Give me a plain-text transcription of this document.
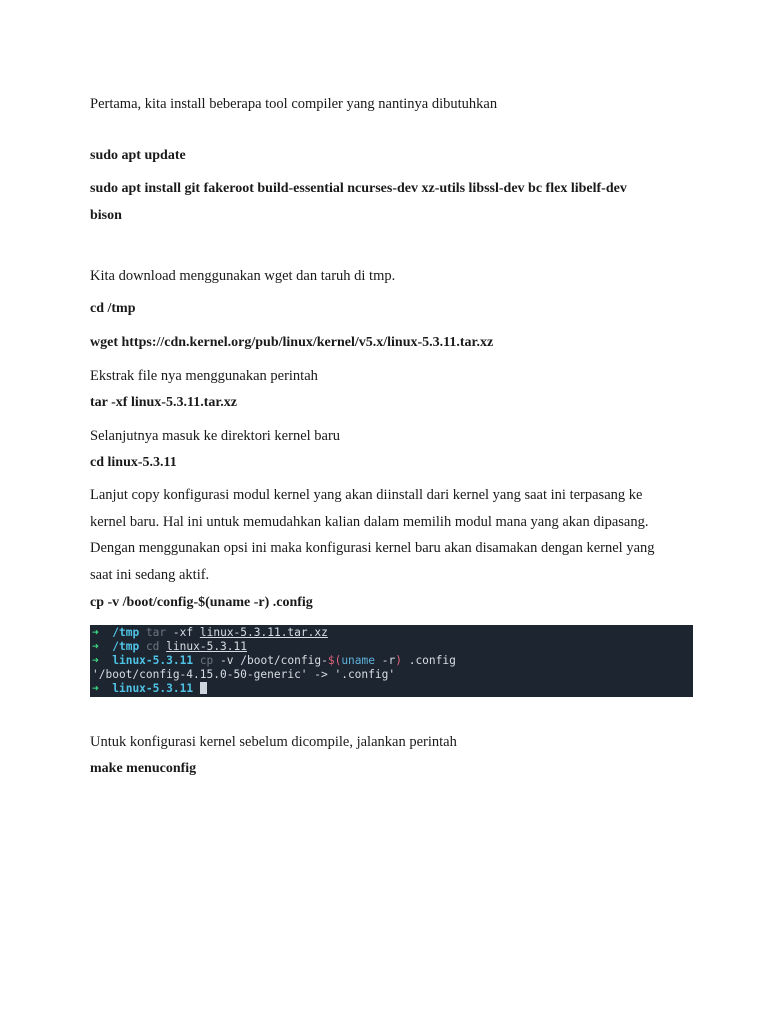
Pertama, kita install beberapa tool compiler yang nantinya dibutuhkan
sudo apt update
sudo apt install git fakeroot build-essential ncurses-dev xz-utils libssl-dev bc flex libelf-dev
bison
Kita download menggunakan wget dan taruh di tmp.
cd /tmp
wget https://cdn.kernel.org/pub/linux/kernel/v5.x/linux-5.3.11.tar.xz
Ekstrak file nya menggunakan perintah
tar -xf linux-5.3.11.tar.xz
Selanjutnya masuk ke direktori kernel baru
cd linux-5.3.11
Lanjut copy konfigurasi modul kernel yang akan diinstall dari kernel yang saat ini terpasang ke
kernel baru. Hal ini untuk memudahkan kalian dalam memilih modul mana yang akan dipasang.
Dengan menggunakan opsi ini maka konfigurasi kernel baru akan disamakan dengan kernel yang
saat ini sedang aktif.
cp -v /boot/config-$(uname -r) .config
➜ /tmp tar -xf linux-5.3.11.tar.xz
➜ /tmp cd linux-5.3.11
➜ linux-5.3.11 cp -v /boot/config-$(uname -r) .config
'/boot/config-4.15.0-50-generic' -> '.config'
➜ linux-5.3.11
Untuk konfigurasi kernel sebelum dicompile, jalankan perintah
make menuconfig
